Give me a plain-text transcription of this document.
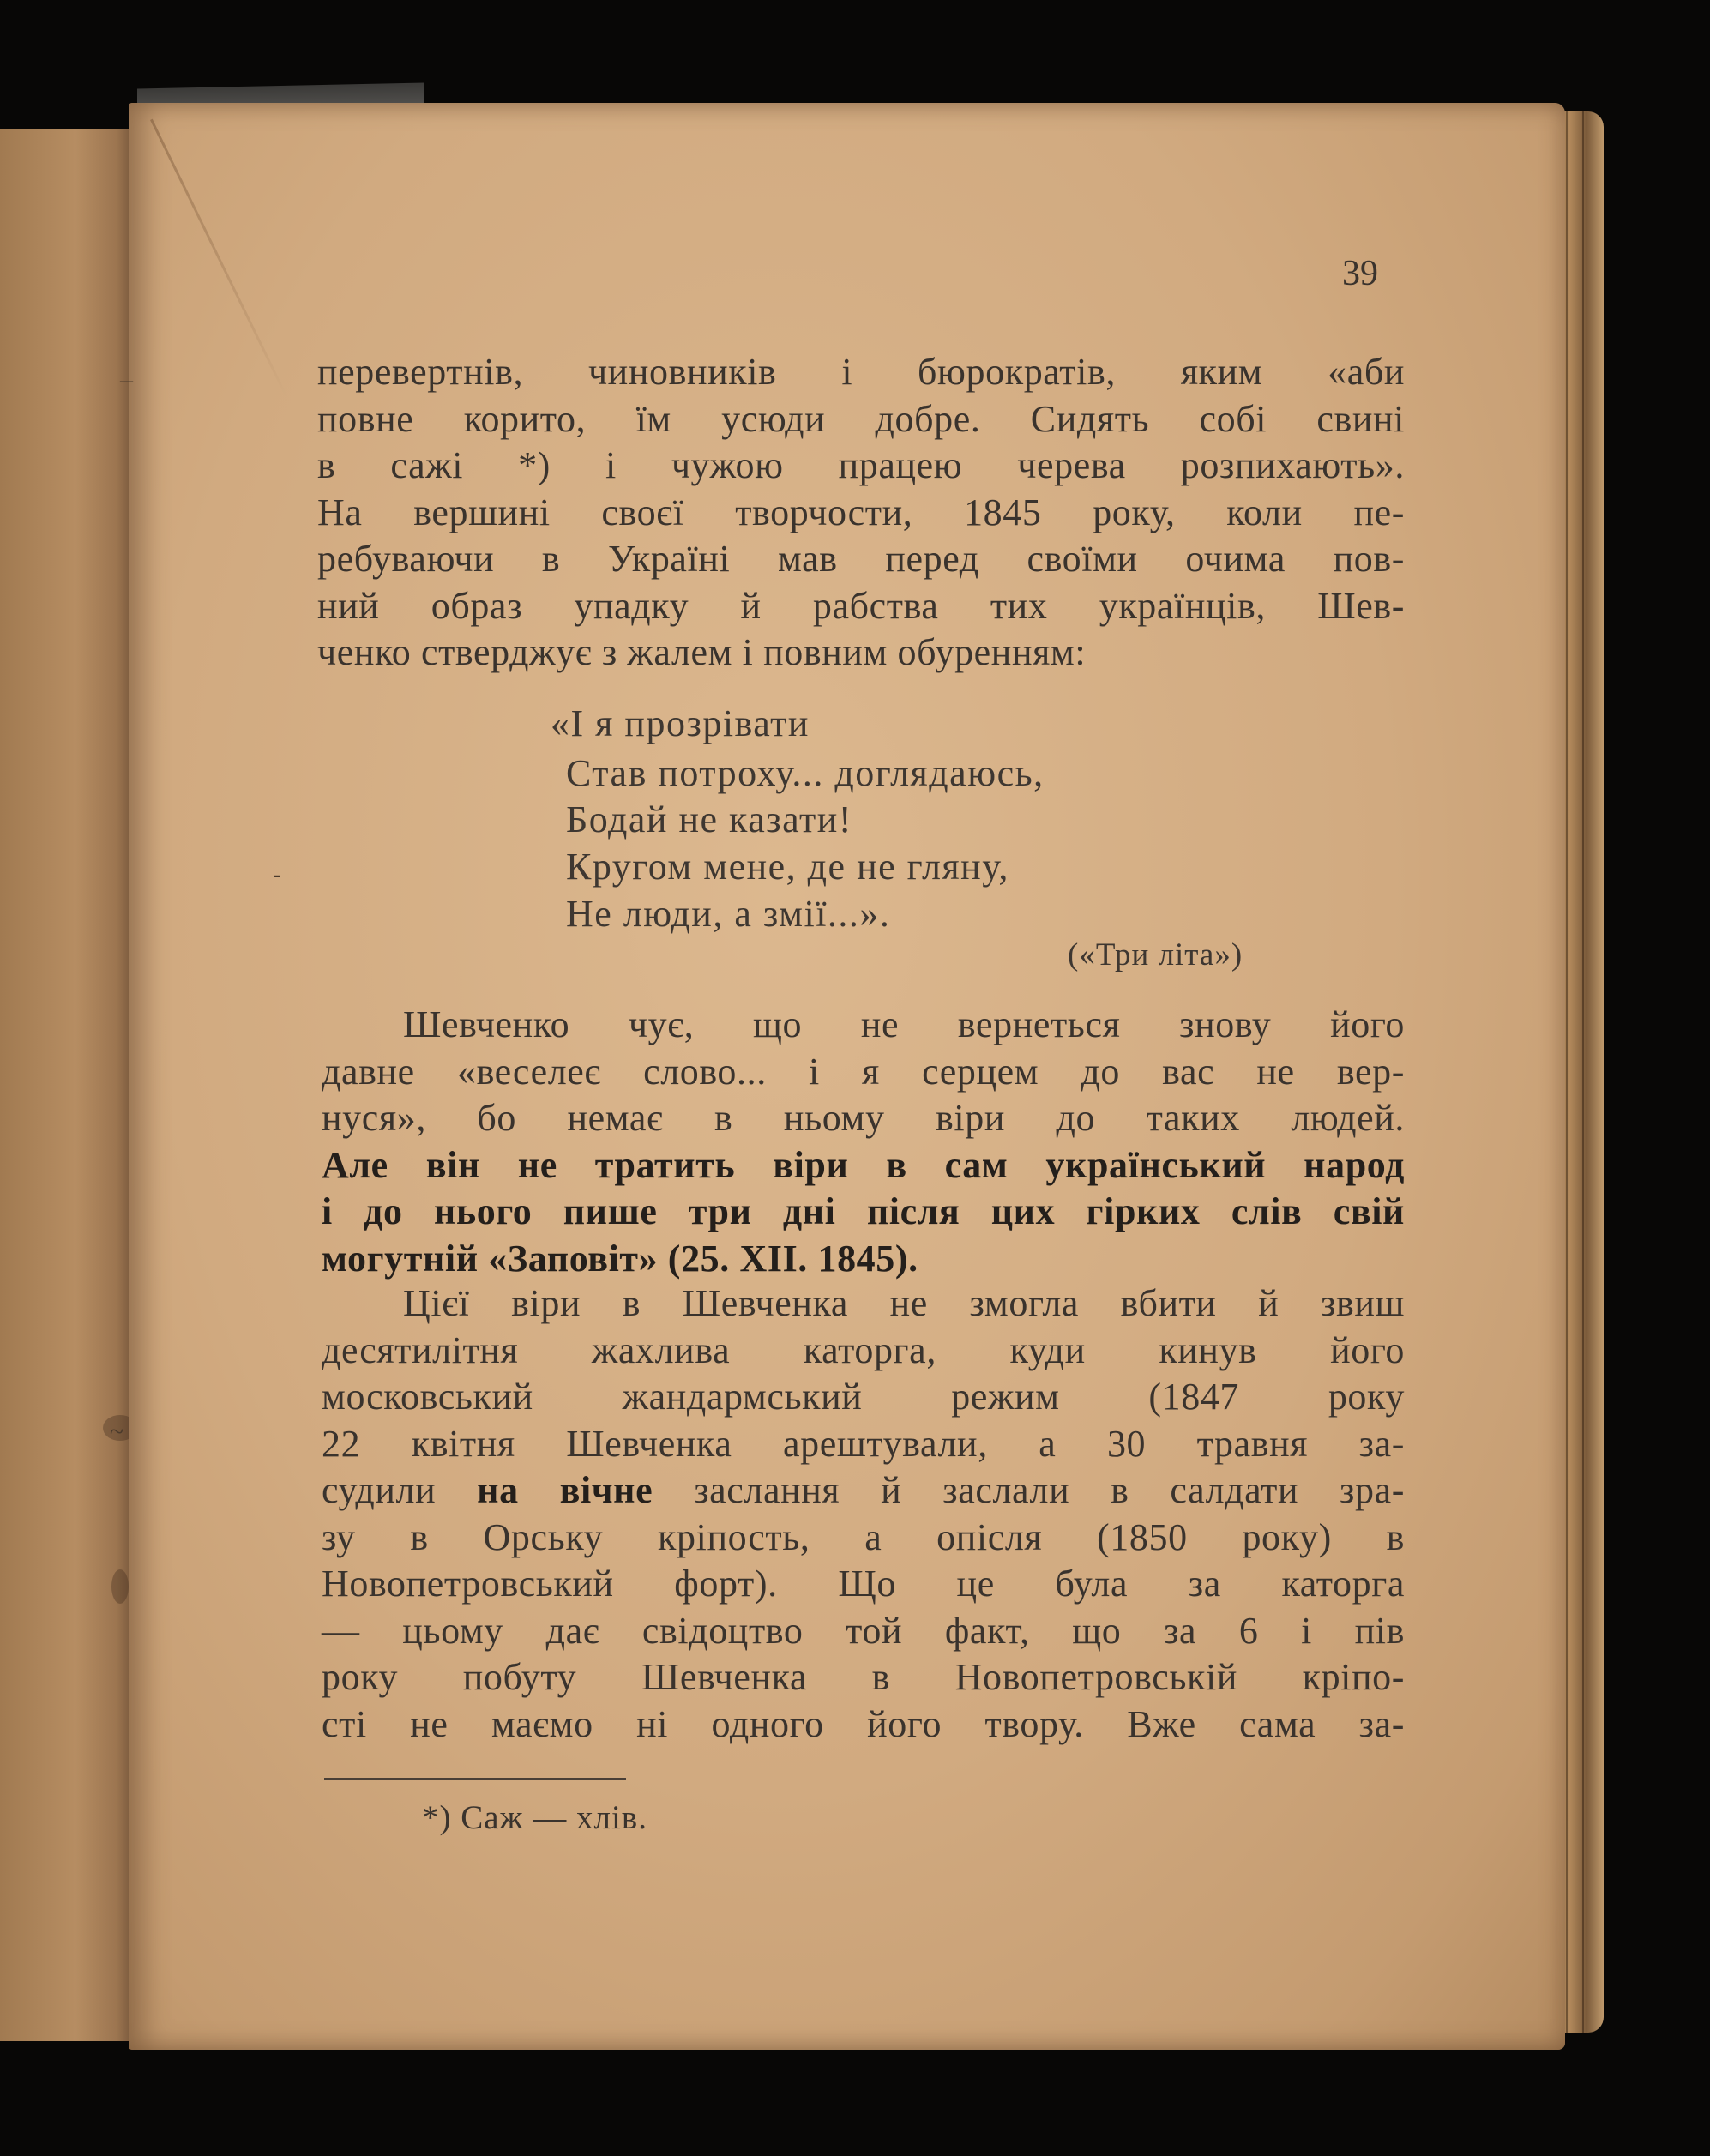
–
-
~
39
перевертнів, чиновників і бюрократів, яким «аби
повне корито, їм усюди добре. Сидять собі свині
в сажі *) і чужою працею черева розпихають».
На вершині своєї творчости, 1845 року, коли пе-
ребуваючи в Україні мав перед своїми очима пов-
ний образ упадку й рабства тих українців, Шев-
ченко стверджує з жалем і повним обуренням:
«І я прозрівати
Став потроху... доглядаюсь,
Бодай не казати!
Кругом мене, де не гляну,
Не люди, а змії...».
(«Три літа»)
Шевченко чує, що не вернеться знову його
давне «веселеє слово... і я серцем до вас не вер-
нуся», бо немає в ньому віри до таких людей.
Але він не тратить віри в сам український народ
і до нього пише три дні після цих гірких слів свій
могутній «Заповіт» (25. XII. 1845).
Цієї віри в Шевченка не змогла вбити й звиш
десятилітня жахлива каторга, куди кинув його
московський жандармський режим (1847 року
22 квітня Шевченка арештували, а 30 травня за-
судили на вічне заслання й заслали в салдати зра-
зу в Орську кріпость, а опісля (1850 року) в
Новопетровський форт). Що це була за каторга
— цьому дає свідоцтво той факт, що за 6 і пів
року побуту Шевченка в Новопетровській кріпо-
сті не маємо ні одного його твору. Вже сама за-
*) Саж — хлів.
